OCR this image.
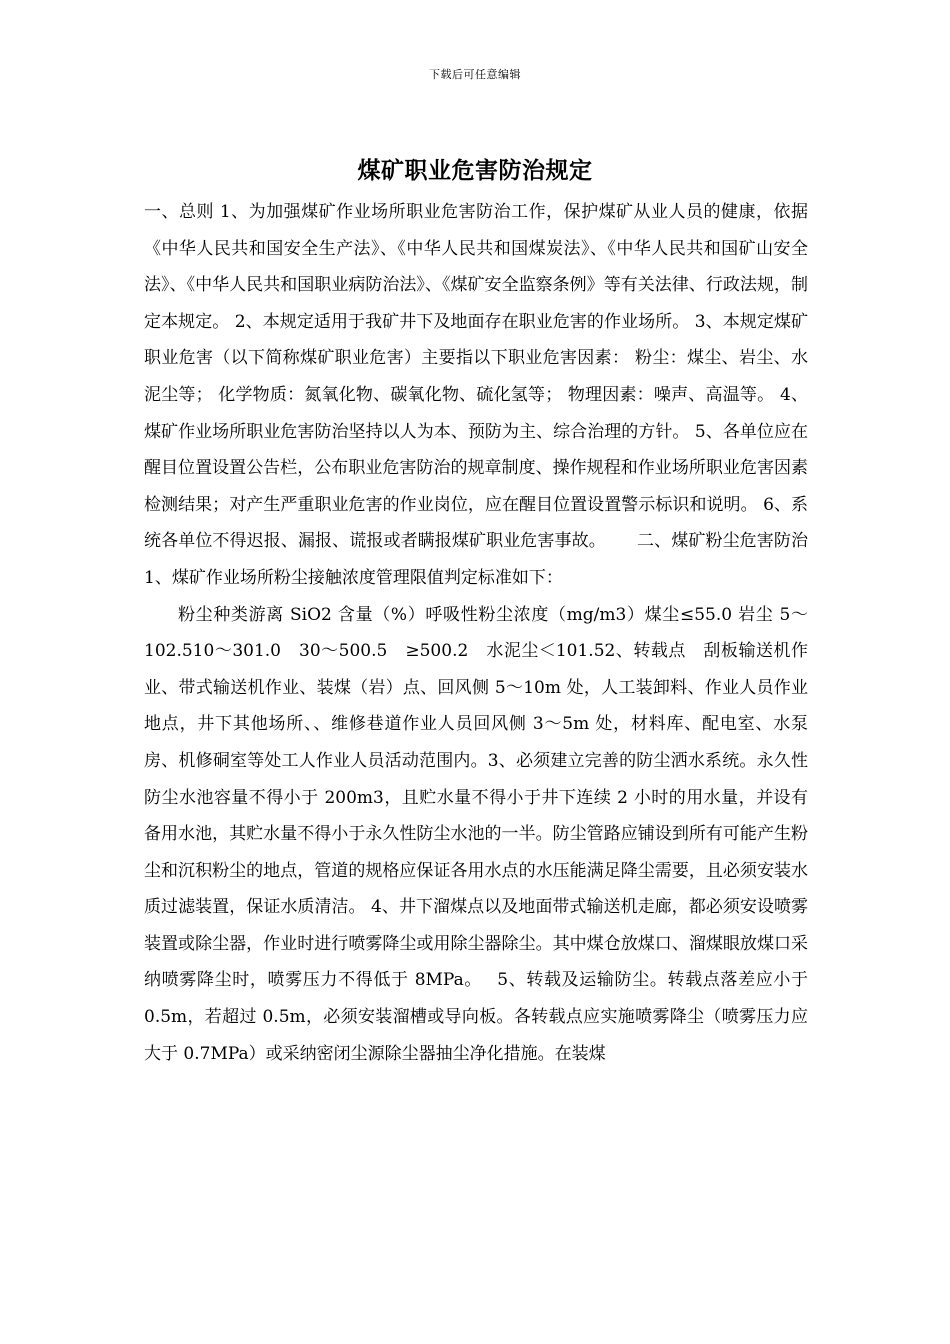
下载后可任意编辑
煤矿职业危害防治规定

一、总则 1、为加强煤矿作业场所职业危害防治工作，保护煤矿从业人员的健康，依据《中华人民共和国安全生产法》、《中华人民共和国煤炭法》、《中华人民共和国矿山安全法》、《中华人民共和国职业病防治法》、《煤矿安全监察条例》等有关法律、行政法规，制定本规定。 2、本规定适用于我矿井下及地面存在职业危害的作业场所。 3、本规定煤矿职业危害（以下简称煤矿职业危害）主要指以下职业危害因素： 粉尘：煤尘、岩尘、水泥尘等； 化学物质：氮氧化物、碳氧化物、硫化氢等； 物理因素：噪声、高温等。 4、煤矿作业场所职业危害防治坚持以人为本、预防为主、综合治理的方针。 5、各单位应在醒目位置设置公告栏，公布职业危害防治的规章制度、操作规程和作业场所职业危害因素检测结果；对产生严重职业危害的作业岗位，应在醒目位置设置警示标识和说明。 6、系统各单位不得迟报、漏报、谎报或者瞒报煤矿职业危害事故。　　 二、煤矿粉尘危害防治 1、煤矿作业场所粉尘接触浓度管理限值判定标准如下：

粉尘种类游离 SiO2 含量（%）呼吸性粉尘浓度（mg/m3）煤尘≤55.0 岩尘 5～102.510～301.0　30～500.5　≥500.2　水泥尘＜101.52、转载点　刮板输送机作业、带式输送机作业、装煤（岩）点、回风侧 5～10m 处，人工装卸料、作业人员作业地点，井下其他场所、、维修巷道作业人员回风侧 3～5m 处，材料库、配电室、水泵房、机修硐室等处工人作业人员活动范围内。3、必须建立完善的防尘洒水系统。永久性防尘水池容量不得小于 200m3，且贮水量不得小于井下连续 2 小时的用水量，并设有备用水池，其贮水量不得小于永久性防尘水池的一半。防尘管路应铺设到所有可能产生粉尘和沉积粉尘的地点，管道的规格应保证各用水点的水压能满足降尘需要，且必须安装水质过滤装置，保证水质清洁。 4、井下溜煤点以及地面带式输送机走廊，都必须安设喷雾装置或除尘器，作业时进行喷雾降尘或用除尘器除尘。其中煤仓放煤口、溜煤眼放煤口采纳喷雾降尘时，喷雾压力不得低于 8MPa。　 5、转载及运输防尘。转载点落差应小于 0.5m，若超过 0.5m，必须安装溜槽或导向板。各转载点应实施喷雾降尘（喷雾压力应大于 0.7MPa）或采纳密闭尘源除尘器抽尘净化措施。在装煤
